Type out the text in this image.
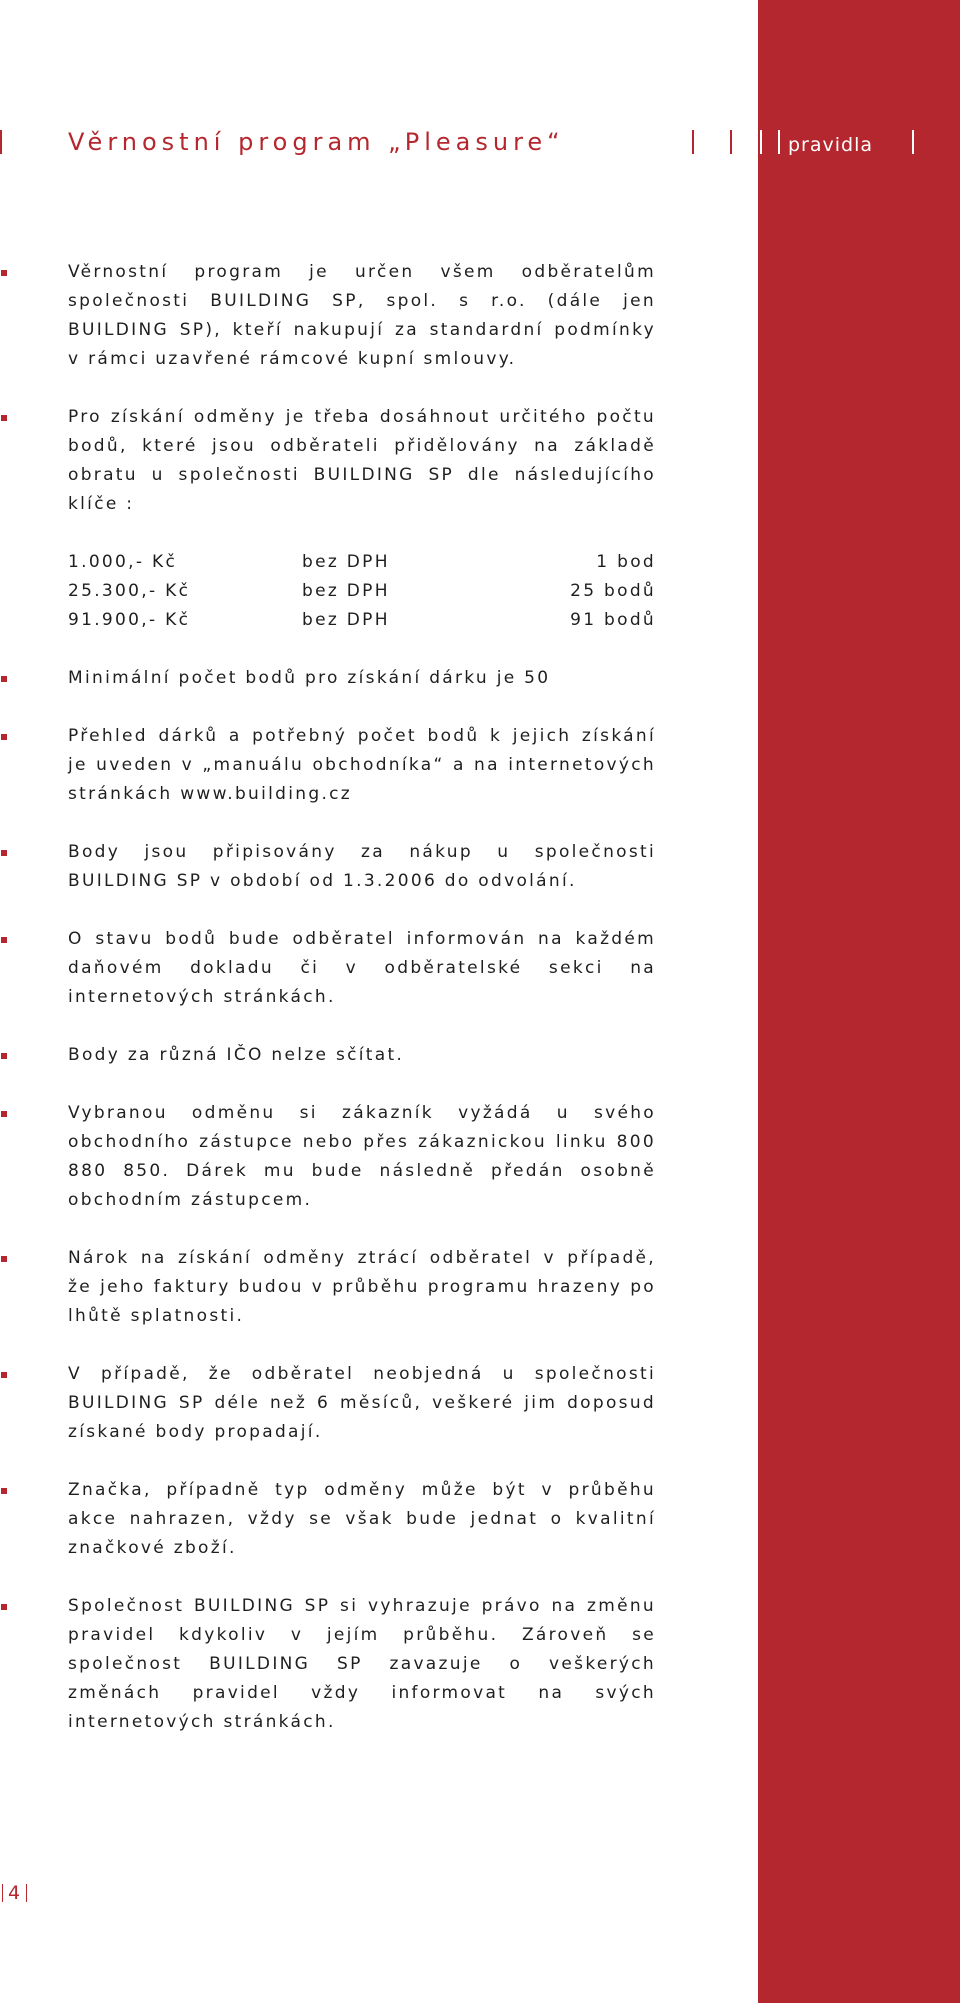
Věrnostní program „Pleasure“	pravidla
Věrnostní program je určen všem odběratelům společnosti BUILDING SP, spol. s r.o. (dále jen BUILDING SP), kteří nakupují za standardní podmínky v rámci uzavřené rámcové kupní smlouvy.
Pro získání odměny je třeba dosáhnout určitého počtu bodů, které jsou odběrateli přidělovány na základě obratu u společnosti BUILDING SP dle následujícího klíče :
1.000,- Kč	bez DPH	1 bod
25.300,- Kč	bez DPH	25 bodů
91.900,- Kč	bez DPH	91 bodů
Minimální počet bodů pro získání dárku je 50
Přehled dárků a potřebný počet bodů k jejich získání je uveden v „manuálu obchodníka“ a na internetových stránkách www.building.cz
Body jsou připisovány za nákup u společnosti BUILDING SP v období od 1.3.2006 do odvolání.
O stavu bodů bude odběratel informován na každém daňovém dokladu či v odběratelské sekci na internetových stránkách.
Body za různá IČO nelze sčítat.
Vybranou odměnu si zákazník vyžádá u svého obchodního zástupce nebo přes zákaznickou linku 800 880 850. Dárek mu bude následně předán osobně obchodním zástupcem.
Nárok na získání odměny ztrácí odběratel v případě, že jeho faktury budou v průběhu programu hrazeny po lhůtě splatnosti.
V případě, že odběratel neobjedná u společnosti BUILDING SP déle než 6 měsíců, veškeré jim doposud získané body propadají.
Značka, případně typ odměny může být v průběhu akce nahrazen, vždy se však bude jednat o kvalitní značkové zboží.
Společnost BUILDING SP si vyhrazuje právo na změnu pravidel kdykoliv v jejím průběhu. Zároveň se společnost BUILDING SP zavazuje o veškerých změnách pravidel vždy informovat na svých internetových stránkách.
4
